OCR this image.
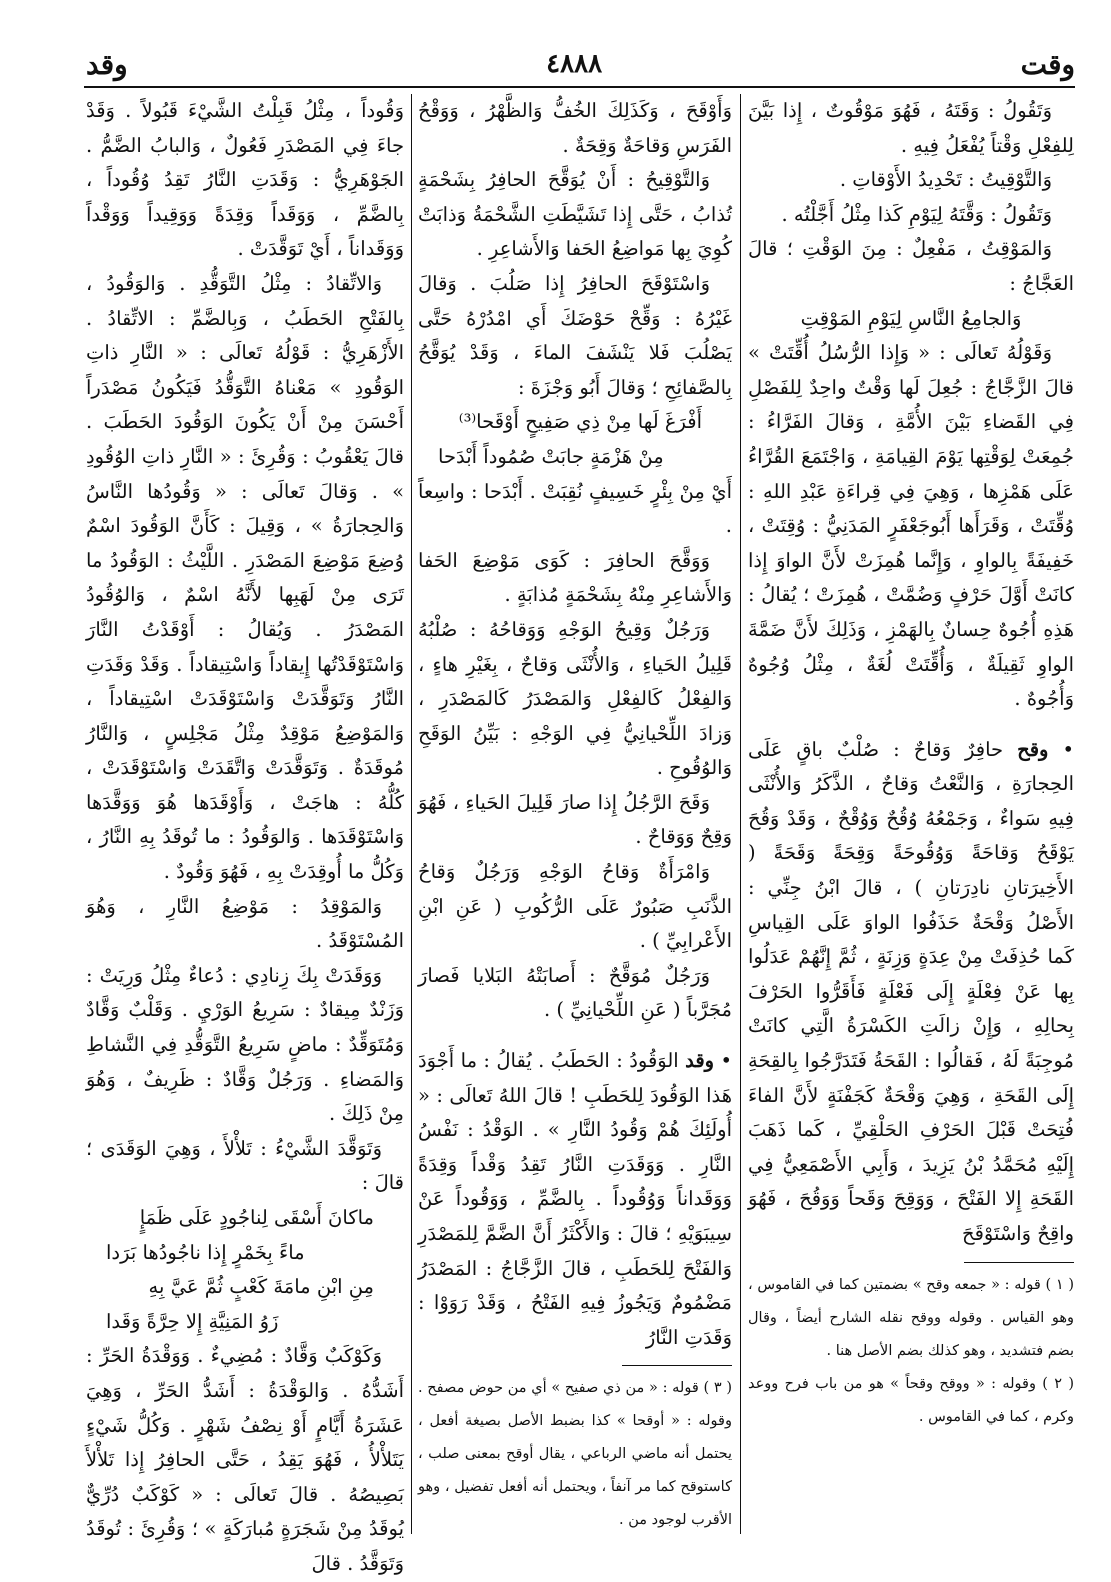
وقت
٤٨٨٨
وقد

وَتَقُولُ : وَقَتَهُ ، فَهُوَ مَوْقُوتٌ ، إِذا بَيَّنَ لِلفِعْلِ وَقْتاً يُفْعَلُ فِيهِ .

وَالتَّوْقِيتُ : تَحْدِيدُ الأَوْقاتِ .

وَتَقُولُ : وَقَّتَهُ لِيَوْمِ كَذا مِثْلُ أَجَّلْتُه .

وَالمَوْقِتُ ، مَفْعِلٌ : مِنَ الوَقْتِ ؛ قالَ العَجَّاجُ :

وَالجامِعُ النَّاسِ لِيَوْمِ المَوْقِتِ

وَقَوْلُهُ تَعالَى : « وَإِذا الرُّسُلُ أُقِّتَتْ » قالَ الزَّجَّاجُ : جُعِلَ لَها وَقْتٌ واحِدٌ لِلفَصْلِ فِي القَضاءِ بَيْنَ الأُمَّةِ ، وَقالَ الفَرَّاءُ : جُمِعَتْ لِوَقْتِها يَوْمَ القِيامَةِ ، وَاجْتَمَعَ القُرَّاءُ عَلَى هَمْزِها ، وَهِيَ فِي قِراءَةِ عَبْدِ اللهِ : وُقِّتَتْ ، وَقَرَأَها أَبُوجَعْفَرٍ المَدَنِيُّ : وُقِتَتْ ، خَفِيفَةً بِالواوِ ، وَإِنَّما هُمِزَتْ لأَنَّ الواوَ إِذا كانَتْ أَوَّلَ حَرْفٍ وَضُمَّتْ ، هُمِزَتْ ؛ يُقالُ : هَذِهِ أُجُوهٌ حِسانٌ بِالهَمْزِ ، وَذَلِكَ لأَنَّ ضَمَّةَ الواوِ ثَقِيلَةٌ ، وَأُقِّتَتْ لُغَةٌ ، مِثْلُ وُجُوهٌ وَأُجُوهٌ .

• وقح حافِرٌ وَقاحٌ : صُلْبٌ باقٍ عَلَى الحِجارَةِ ، وَالنَّعْتُ وَقاحٌ ، الذَّكَرُ وَالأُنْثَى فِيهِ سَواءٌ ، وَجَمْعُهُ وُقُحٌ وَوُقْحٌ ، وَقَدْ وَقُحَ يَوْقَحُ وَقاحَةً وَوُقُوحَةً وَقِحَةً وَقَحَةً ( الأَخِيرَتانِ نادِرَتانِ ) ، قالَ ابْنُ جِنِّي : الأَصْلُ وَقْحَةٌ حَذَفُوا الواوَ عَلَى القِياسِ كَما حُذِفَتْ مِنْ عِدَةٍ وَزِنَةٍ ، ثُمَّ إِنَّهُمْ عَدَلُوا بِها عَنْ فِعْلَةٍ إِلَى فَعْلَةٍ فَأَقَرُّوا الحَرْفَ بِحالِهِ ، وَإِنْ زالَتِ الكَسْرَةُ الَّتِي كانَتْ مُوجِبَةً لَهُ ، فَقالُوا : القَحَةُ فَتَدَرَّجُوا بِالقِحَةِ إِلَى القَحَةِ ، وَهِيَ وَقْحَةٌ كَجَفْنَةٍ لأَنَّ الفاءَ فُتِحَتْ قَبْلَ الحَرْفِ الحَلْقِيِّ ، كَما ذَهَبَ إِلَيْهِ مُحَمَّدُ بْنُ يَزِيدَ ، وَأَبِي الأَصْمَعِيُّ فِي القَحَةِ إِلا الفَتْحَ ، وَوَقِحَ وَقَحاً وَوَقُحَ ، فَهُوَ واقِحٌ وَاسْتَوْقَحَ

( ١ ) قوله : « جمعه وقح » بضمتين كما في القاموس ، وهو القياس . وقوله ووقح نقله الشارح أيضاً ، وقال بضم فتشديد ، وهو كذلك بضم الأصل هنا .

( ٢ ) وقوله : « ووقح وقحاً » هو من باب فرح ووعد وكرم ، كما في القاموس .

وَأَوْقَحَ ، وَكَذَلِكَ الخُفُّ وَالظَّهْرُ ، وَوَقْحُ الفَرَسِ وَقاحَةٌ وَقِحَةٌ .

وَالتَّوْقِيحُ : أَنْ يُوَقَّحَ الحافِرُ بِشَحْمَةٍ تُذابُ ، حَتَّى إِذا تَشَيَّطَتِ الشَّحْمَةُ وَذابَتْ كُوِيَ بِها مَواضِعُ الحَفا وَالأَشاعِرِ .

وَاسْتَوْقَحَ الحافِرُ إِذا صَلُبَ . وَقالَ غَيْرُهُ : وَقِّحْ حَوْضَكَ أَي امْدُرْهُ حَتَّى يَصْلُبَ فَلا يَنْشَفَ الماءَ ، وَقَدْ يُوَقَّحُ بِالصَّفائِحِ ؛ وَقالَ أَبُو وَجْزَةَ :

أَفْرَغَ لَها مِنْ ذِي صَفِيحٍ أَوْقَحا⁽³⁾

مِنْ هَزْمَةٍ جابَتْ صُمُوداً أَبْدَحا

أَيْ مِنْ بِئْرٍ خَسِيفٍ نُقِبَتْ . أَبْدَحا : واسِعاً .

وَوَقَّحَ الحافِرَ : كَوَى مَوْضِعَ الحَفا وَالأَشاعِرِ مِنْهُ بِشَحْمَةٍ مُذابَةٍ .

وَرَجُلٌ وَقِيحُ الوَجْهِ وَوَقاحُهُ : صُلْبُهُ قَلِيلُ الحَياءِ ، وَالأُنْثَى وَقاحٌ ، بِغَيْرِ هاءٍ ، وَالفِعْلُ كَالفِعْلِ وَالمَصْدَرُ كَالمَصْدَرِ ، وَزادَ اللِّحْيانِيُّ فِي الوَجْهِ : بَيِّنُ الوَقَحِ وَالوُقُوحِ .

وَقَحَ الرَّجُلُ إِذا صارَ قَلِيلَ الحَياءِ ، فَهُوَ وَقِحٌ وَوَقاحٌ .

وَامْرَأَةٌ وَقاحُ الوَجْهِ وَرَجُلٌ وَقاحُ الذَّنَبِ صَبُورٌ عَلَى الرُّكُوبِ ( عَنِ ابْنِ الأَعْرابِيِّ ) .

وَرَجُلٌ مُوَقَّحٌ : أَصابَتْهُ البَلايا فَصارَ مُجَرَّباً ( عَنِ اللِّحْيانِيِّ ) .

• وقد الوَقُودُ : الحَطَبُ . يُقالُ : ما أَجْوَدَ هَذا الوَقُودَ لِلحَطَبِ ! قالَ اللهُ تَعالَى : « أُولَئِكَ هُمْ وَقُودُ النَّارِ » . الوَقْدُ : نَفْسُ النَّارِ . وَوَقَدَتِ النَّارُ تَقِدُ وَقْداً وَقِدَةً وَوَقَداناً وَوُقُوداً . بِالضَّمِّ ، وَوَقُوداً عَنْ سِيبَوَيْهِ ؛ قالَ : وَالأَكْثَرُ أَنَّ الضَّمَّ لِلمَصْدَرِ وَالفَتْحَ لِلحَطَبِ ، قالَ الزَّجَّاجُ : المَصْدَرُ مَضْمُومٌ وَيَجُوزُ فِيهِ الفَتْحُ ، وَقَدْ رَوَوْا : وَقَدَتِ النَّارُ

( ٣ ) قوله : « من ذي صفيح » أي من حوض مصفح . وقوله : « أوقحا » كذا بضبط الأصل بصيغة أفعل ، يحتمل أنه ماضي الرباعي ، يقال أوقح بمعنى صلب ، كاستوقح كما مر آنفاً ، ويحتمل أنه أفعل تفضيل ، وهو الأقرب لوجود من .

وَقُوداً ، مِثْلُ قَبِلْتُ الشَّيْءَ قَبُولاً . وَقَدْ جاءَ فِي المَصْدَرِ فَعُولٌ ، وَالبابُ الضَّمُّ . الجَوْهَرِيُّ : وَقَدَتِ النَّارُ تَقِدُ وُقُوداً ، بِالضَّمِّ ، وَوَقَداً وَقِدَةً وَوَقِيداً وَوَقْداً وَوَقَداناً ، أَيْ تَوَقَّدَتْ .

وَالاتِّقادُ : مِثْلُ التَّوَقُّدِ . وَالوَقُودُ ، بِالفَتْحِ الحَطَبُ ، وَبِالضَّمِّ : الاتِّقادُ . الأَزْهَرِيُّ : قَوْلُهُ تَعالَى : « النَّارِ ذاتِ الوَقُودِ » مَعْناهُ التَّوَقُّدُ فَيَكُونُ مَصْدَراً أَحْسَنَ مِنْ أَنْ يَكُونَ الوَقُودَ الحَطَبَ . قالَ يَعْقُوبُ : وَقُرِئَ : « النَّارِ ذاتِ الوُقُودِ » . وَقالَ تَعالَى : « وَقُودُها النَّاسُ وَالحِجارَةُ » ، وَقِيلَ : كَأَنَّ الوَقُودَ اسْمٌ وُضِعَ مَوْضِعَ المَصْدَرِ . اللَّيْثُ : الوَقُودُ ما تَرَى مِنْ لَهَبِها لأَنَّهُ اسْمٌ ، وَالوُقُودُ المَصْدَرُ . وَيُقالُ : أَوْقَدْتُ النَّارَ وَاسْتَوْقَدْتُها إِيقاداً وَاسْتِيقاداً . وَقَدْ وَقَدَتِ النَّارُ وَتَوَقَّدَتْ وَاسْتَوْقَدَتْ اسْتِيقاداً ، وَالمَوْضِعُ مَوْقِدٌ مِثْلُ مَجْلِسٍ ، وَالنَّارُ مُوقَدَةٌ . وَتَوَقَّدَتْ وَاتَّقَدَتْ وَاسْتَوْقَدَتْ ، كُلُّهُ : هاجَتْ ، وَأَوْقَدَها هُوَ وَوَقَّدَها وَاسْتَوْقَدَها . وَالوَقُودُ : ما تُوقَدُ بِهِ النَّارُ ، وَكُلُّ ما أُوقِدَتْ بِهِ ، فَهُوَ وَقُودٌ .

وَالمَوْقِدُ : مَوْضِعُ النَّارِ ، وَهُوَ المُسْتَوْقَدُ .

وَوَقَدَتْ بِكَ زِنادِي : دُعاءٌ مِثْلُ وَرِيَتْ : وَزَنْدٌ مِيقادٌ : سَرِيعُ الوَرْيِ . وَقَلْبٌ وَقَّادٌ وَمُتَوَقِّدٌ : ماضٍ سَرِيعُ التَّوَقُّدِ فِي النَّشاطِ وَالمَضاءِ . وَرَجُلٌ وَقَّادٌ : ظَرِيفٌ ، وَهُوَ مِنْ ذَلِكَ .

وَتَوَقَّدَ الشَّيْءُ : تَلأْلأَ ، وَهِيَ الوَقَدَى ؛ قالَ :

ماكانَ أَسْقَى لِناجُودٍ عَلَى ظَمَإٍ

ماءً بِخَمْرٍ إِذا ناجُودُها بَرَدا

مِنِ ابْنِ مامَةَ كَعْبٍ ثُمَّ عَيَّ بِهِ

زَوُ المَنِيَّةِ إِلا حِرَّةً وَقَدا

وَكَوْكَبٌ وَقَّادٌ : مُضِيءٌ . وَوَقْدَةُ الحَرِّ : أَشَدُّهُ . وَالوَقْدَةُ : أَشَدُّ الحَرِّ ، وَهِيَ عَشَرَةُ أَيَّامٍ أَوْ نِصْفُ شَهْرٍ . وَكُلُّ شَيْءٍ يَتَلأْلأُ ، فَهُوَ يَقِدُ ، حَتَّى الحافِرُ إِذا تَلأْلأَ بَصِيصُهُ . قالَ تَعالَى : « كَوْكَبٌ دُرِّيٌّ يُوقَدُ مِنْ شَجَرَةٍ مُبارَكَةٍ » ؛ وَقُرِئَ : تُوقَدُ وَتَوَقَّدُ . قالَ
